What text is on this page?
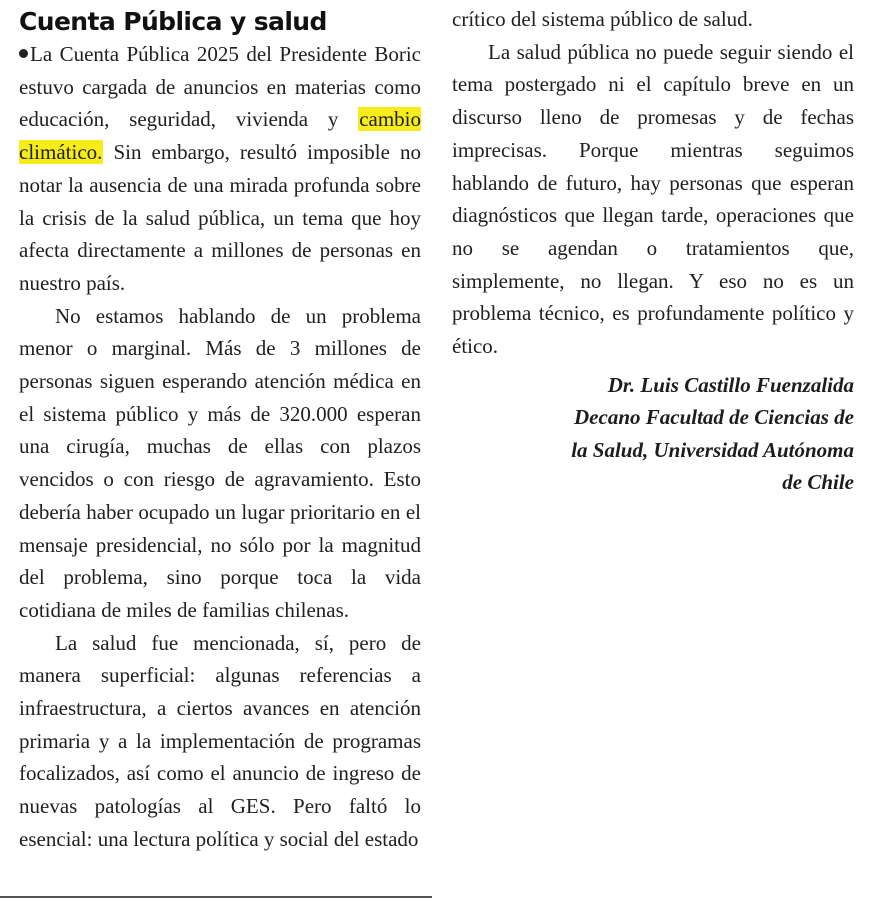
Cuenta Pública y salud

La Cuenta Pública 2025 del Presidente Boric estuvo cargada de anuncios en materias como educación, seguridad, vivienda y cambio climático. Sin embargo, resultó imposible no notar la ausencia de una mirada profunda sobre la crisis de la salud pública, un tema que hoy afecta directamente a millones de personas en nuestro país.

No estamos hablando de un problema menor o marginal. Más de 3 millones de personas siguen esperando atención médica en el sistema público y más de 320.000 esperan una cirugía, muchas de ellas con plazos vencidos o con riesgo de agravamiento. Esto debería haber ocupado un lugar prioritario en el mensaje presidencial, no sólo por la magnitud del problema, sino porque toca la vida cotidiana de miles de familias chilenas.

La salud fue mencionada, sí, pero de manera superficial: algunas referencias a infraestructura, a ciertos avances en atención primaria y a la implementación de programas focalizados, así como el anuncio de ingreso de nuevas patologías al GES. Pero faltó lo esencial: una lectura política y social del estado

crítico del sistema público de salud.

La salud pública no puede seguir siendo el tema postergado ni el capítulo breve en un discurso lleno de promesas y de fechas imprecisas. Porque mientras seguimos hablando de futuro, hay personas que esperan diagnósticos que llegan tarde, operaciones que no se agendan o tratamientos que, simplemente, no llegan. Y eso no es un problema técnico, es profundamente político y ético.

Dr. Luis Castillo Fuenzalida
Decano Facultad de Ciencias de
la Salud, Universidad Autónoma
de Chile
